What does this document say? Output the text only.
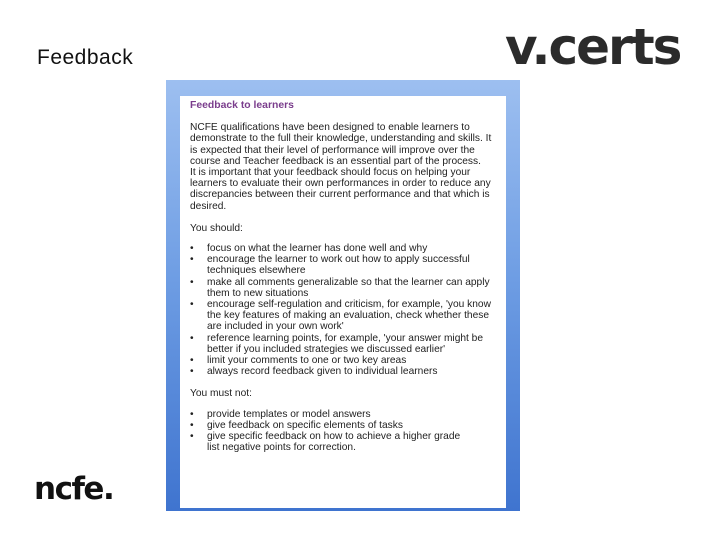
Feedback	v.certs
ncfe.
Feedback to learners
NCFE qualifications have been designed to enable learners to
demonstrate to the full their knowledge, understanding and skills. It
is expected that their level of performance will improve over the
course and Teacher feedback is an essential part of the process.
It is important that your feedback should focus on helping your
learners to evaluate their own performances in order to reduce any
discrepancies between their current performance and that which is
desired.
You should:
• focus on what the learner has done well and why
• encourage the learner to work out how to apply successful
techniques elsewhere
• make all comments generalizable so that the learner can apply
them to new situations
• encourage self-regulation and criticism, for example, 'you know
the key features of making an evaluation, check whether these
are included in your own work'
• reference learning points, for example, 'your answer might be
better if you included strategies we discussed earlier'
• limit your comments to one or two key areas
• always record feedback given to individual learners
You must not:
• provide templates or model answers
• give feedback on specific elements of tasks
• give specific feedback on how to achieve a higher grade
list negative points for correction.
